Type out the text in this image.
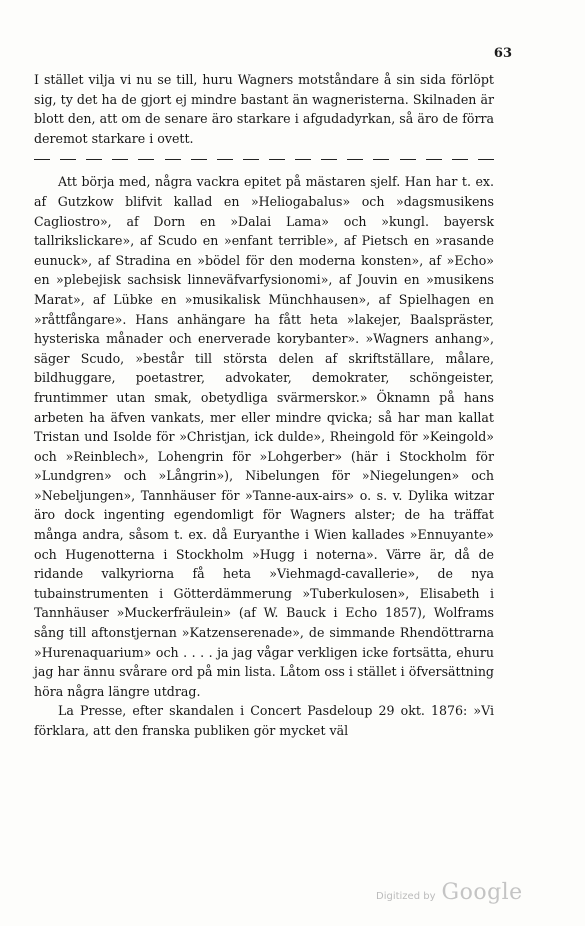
63

I stället vilja vi nu se till, huru Wagners motståndare å sin sida förlöpt sig, ty det ha de gjort ej mindre bastant än wagneristerna. Skilnaden är blott den, att om de senare äro starkare i afgudadyrkan, så äro de förra deremot starkare i ovett.

Att börja med, några vackra epitet på mästaren sjelf. Han har t. ex. af Gutzkow blifvit kallad en »Heliogabalus» och »dagsmusikens Cagliostro», af Dorn en »Dalai Lama» och »kungl. bayersk tallrikslickare», af Scudo en »enfant terrible», af Pietsch en »rasande eunuck», af Stradina en »bödel för den moderna konsten», af »Echo» en »plebejisk sachsisk linneväfvarfysionomi», af Jouvin en »musikens Marat», af Lübke en »musikalisk Münchhausen», af Spielhagen en »råttfångare». Hans anhängare ha fått heta »lakejer, Baalspräster, hysteriska månader och enerverade korybanter». »Wagners anhang», säger Scudo, »består till största delen af skriftställare, målare, bildhuggare, poetastrer, advokater, demokrater, schöngeister, fruntimmer utan smak, obetydliga svärmerskor.» Öknamn på hans arbeten ha äfven vankats, mer eller mindre qvicka; så har man kallat Tristan und Isolde för »Christjan, ick dulde», Rheingold för »Keingold» och »Reinblech», Lohengrin för »Lohgerber» (här i Stockholm för »Lundgren» och »Långrin»), Nibelungen för »Niegelungen» och »Nebeljungen», Tannhäuser för »Tanne-aux-airs» o. s. v. Dylika witzar äro dock ingenting egendomligt för Wagners alster; de ha träffat många andra, såsom t. ex. då Euryanthe i Wien kallades »Ennuyante» och Hugenotterna i Stockholm »Hugg i noterna». Värre är, då de ridande valkyriorna få heta »Viehmagd-cavallerie», de nya tubainstrumenten i Götterdämmerung »Tuberkulosen», Elisabeth i Tannhäuser »Muckerfräulein» (af W. Bauck i Echo 1857), Wolframs sång till aftonstjernan »Katzenserenade», de simmande Rhendöttrarna »Hurenaquarium» och . . . . ja jag vågar verkligen icke fortsätta, ehuru jag har ännu svårare ord på min lista. Låtom oss i stället i öfversättning höra några längre utdrag.

La Presse, efter skandalen i Concert Pasdeloup 29 okt. 1876: »Vi förklara, att den franska publiken gör mycket väl

Digitized by Google
